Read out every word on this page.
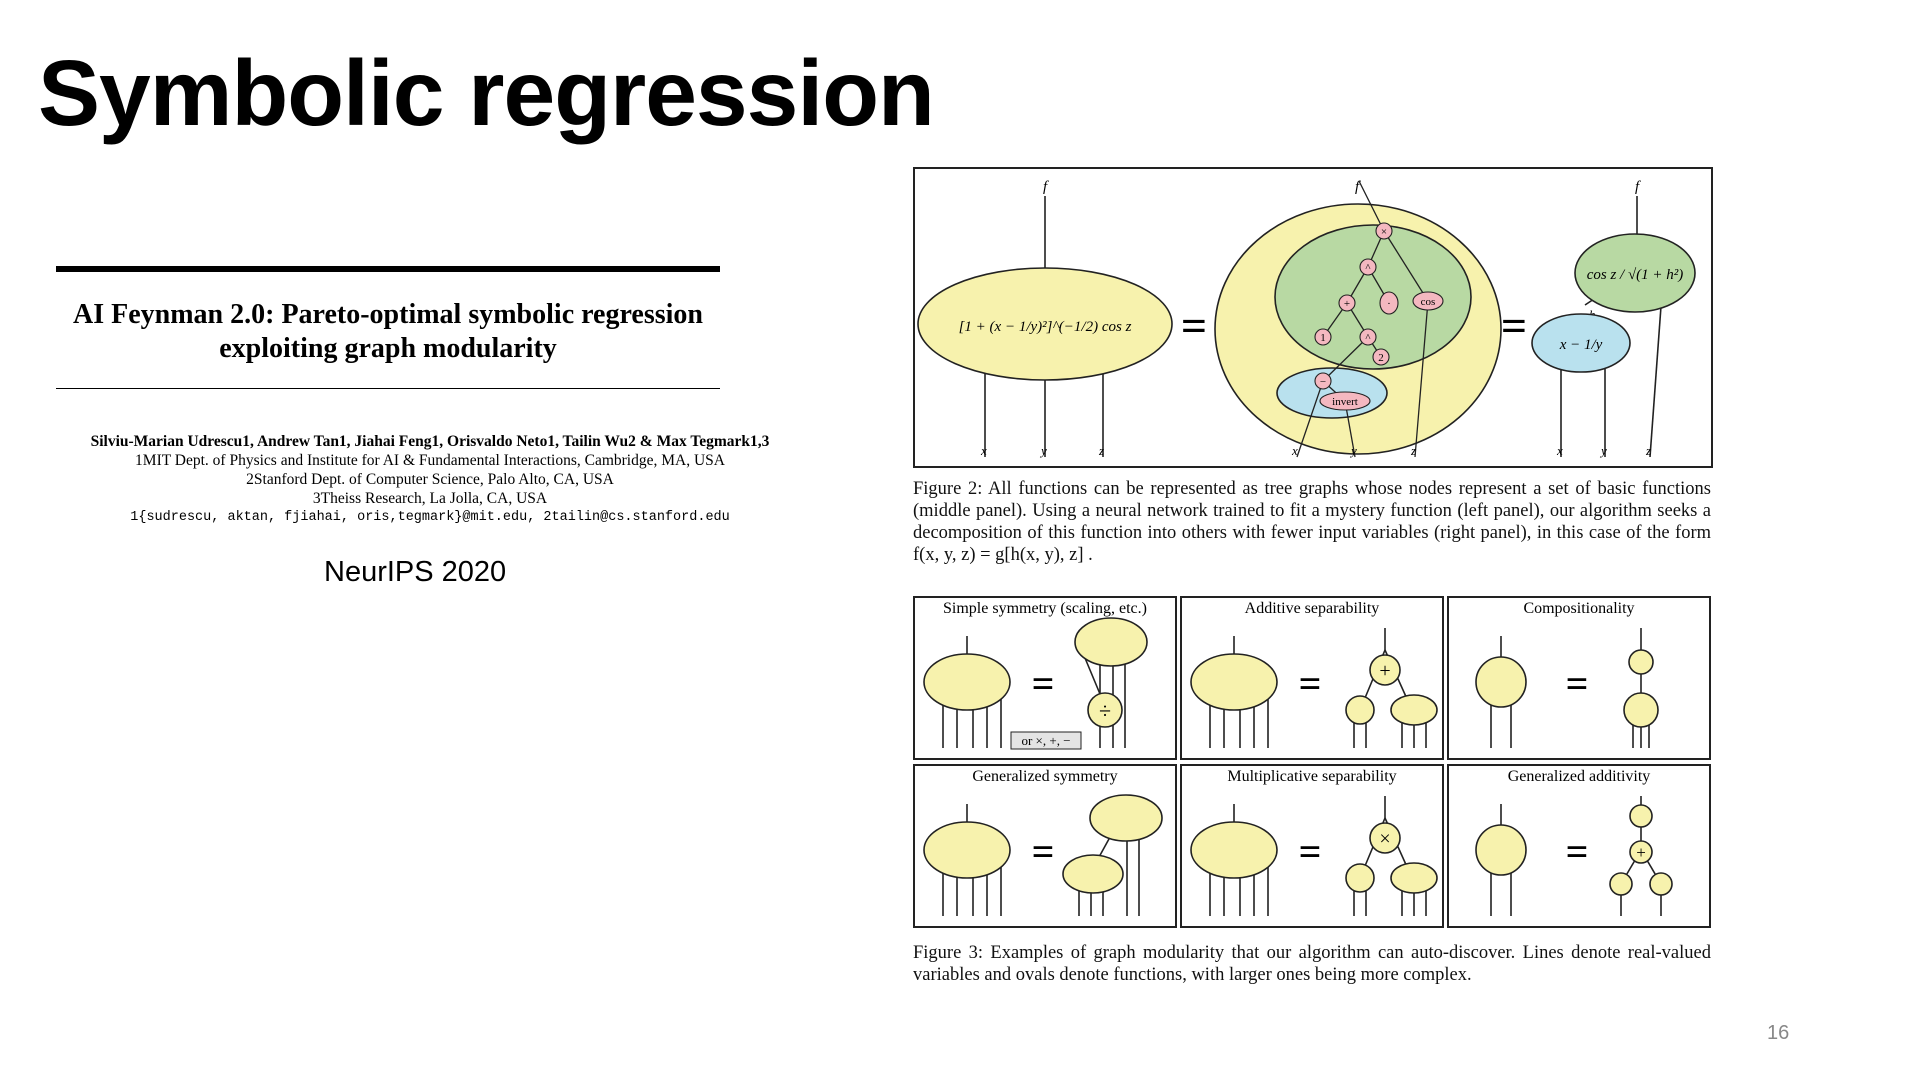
Symbolic regression
AI Feynman 2.0: Pareto-optimal symbolic regression
exploiting graph modularity
Silviu-Marian Udrescu1, Andrew Tan1, Jiahai Feng1, Orisvaldo Neto1, Tailin Wu2 & Max Tegmark1,3
1MIT Dept. of Physics and Institute for AI & Fundamental Interactions, Cambridge, MA, USA
2Stanford Dept. of Computer Science, Palo Alto, CA, USA
3Theiss Research, La Jolla, CA, USA
1{sudrescu, aktan, fjiahai, oris,tegmark}@mit.edu, 2tailin@cs.stanford.edu
NeurIPS 2020
f
[1 + (x − 1/y)²]^(−1/2) cos z
x	y	z
=
f
×
^
+	·	cos
1	^
2
−
invert
x	y	z
=
f
cos z / √(1 + h²)
x − 1/y
x	y	z
Figure 2: All functions can be represented as tree graphs whose nodes represent a set of basic functions (middle panel). Using a neural network trained to fit a mystery function (left panel), our algorithm seeks a decomposition of this function into others with fewer input variables (right panel), in this case of the form f(x, y, z) = g[h(x, y), z] .
Simple symmetry (scaling, etc.)
=
÷
or ×, +, −
Additive separability
=	+
Compositionality
=
Generalized symmetry
=
Multiplicative separability
=	×
Generalized additivity
=	+
Figure 3: Examples of graph modularity that our algorithm can auto-discover. Lines denote real-valued variables and ovals denote functions, with larger ones being more complex.
16
